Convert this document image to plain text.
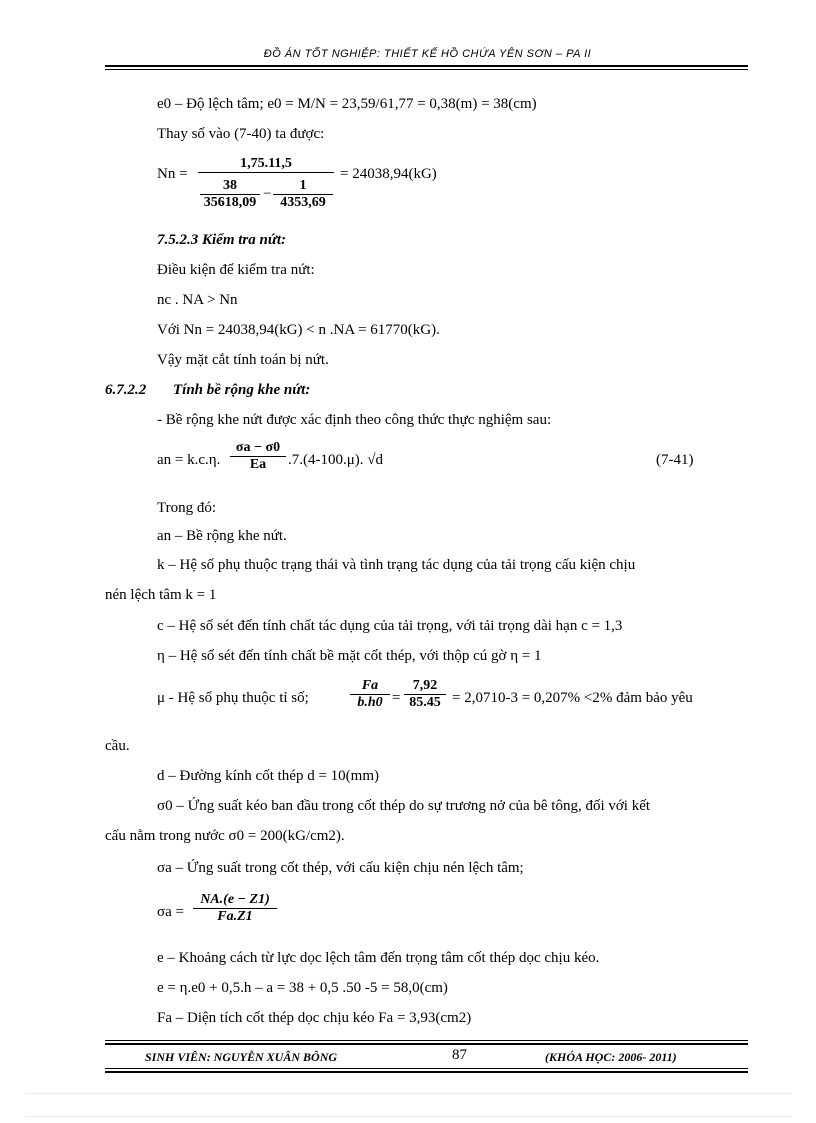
ĐỒ ÁN TỐT NGHIỆP: THIẾT KẾ HỒ CHỨA YÊN SƠN – PA II
e0 – Độ lệch tâm; e0 = M/N = 23,59/61,77 = 0,38(m) = 38(cm)
Thay số vào (7-40) ta được:
Nn =
1,75.11,5
38
35618,09
−
1
4353,69
= 24038,94(kG)
7.5.2.3 Kiểm tra nứt:
Điều kiện để kiểm tra nứt:
nc . NA > Nn
Với Nn = 24038,94(kG) < n .NA = 61770(kG).
Vậy mặt cắt tính toán bị nứt.
6.7.2.2 Tính bề rộng khe nứt:
- Bề rộng khe nứt được xác định theo công thức thực nghiệm sau:
an = k.c.η.
σa − σ0
Ea	.7.(4-100.μ). √d	(7-41)
Trong đó:
an – Bề rộng khe nứt.
k – Hệ số phụ thuộc trạng thái và tình trạng tác dụng của tải trọng cấu kiện chịu
nén lệch tâm k = 1
c – Hệ số sét đến tính chất tác dụng của tải trọng, với tải trọng dài hạn c = 1,3
η – Hệ số sét đến tính chất bề mặt cốt thép, với thộp cú gờ η = 1
μ - Hệ số phụ thuộc tỉ số;
Fa
b.h0 =
7,92
85.45 = 2,0710-3 = 0,207% <2% đảm bảo yêu
cầu.
d – Đường kính cốt thép d = 10(mm)
σ0 – Ứng suất kéo ban đầu trong cốt thép do sự trương nở của bê tông, đối với kết
cấu nằm trong nước σ0 = 200(kG/cm2).
σa – Ứng suất trong cốt thép, với cấu kiện chịu nén lệch tâm;
σa =
NA.(e − Z1)
Fa.Z1
e – Khoảng cách từ lực dọc lệch tâm đến trọng tâm cốt thép dọc chịu kéo.
e = η.e0 + 0,5.h – a = 38 + 0,5 .50 -5 = 58,0(cm)
Fa – Diện tích cốt thép dọc chịu kéo Fa = 3,93(cm2)
SINH VIÊN: NGUYỄN XUÂN BÔNG	87	(KHÓA HỌC: 2006- 2011)
